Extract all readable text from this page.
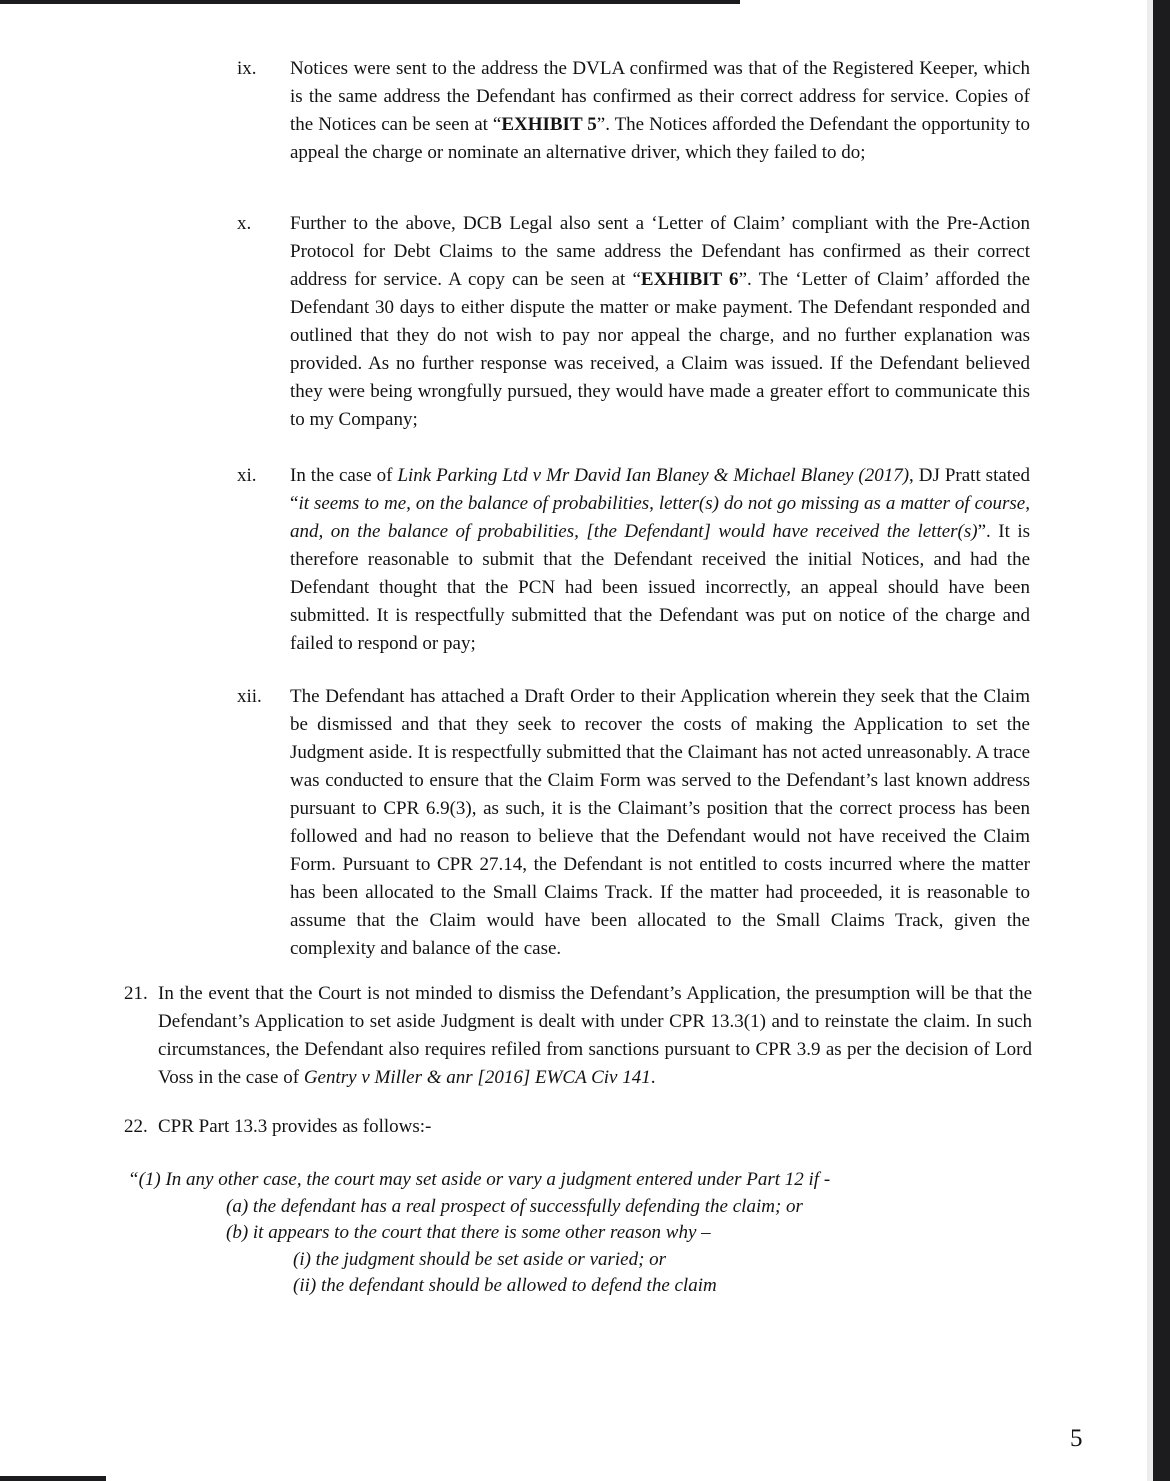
ix.	Notices were sent to the address the DVLA confirmed was that of the Registered Keeper, which is the same address the Defendant has confirmed as their correct address for service. Copies of the Notices can be seen at “EXHIBIT 5”. The Notices afforded the Defendant the opportunity to appeal the charge or nominate an alternative driver, which they failed to do;
x.	Further to the above, DCB Legal also sent a ‘Letter of Claim’ compliant with the Pre-Action Protocol for Debt Claims to the same address the Defendant has confirmed as their correct address for service. A copy can be seen at “EXHIBIT 6”. The ‘Letter of Claim’ afforded the Defendant 30 days to either dispute the matter or make payment. The Defendant responded and outlined that they do not wish to pay nor appeal the charge, and no further explanation was provided. As no further response was received, a Claim was issued. If the Defendant believed they were being wrongfully pursued, they would have made a greater effort to communicate this to my Company;
xi.	In the case of Link Parking Ltd v Mr David Ian Blaney & Michael Blaney (2017), DJ Pratt stated “it seems to me, on the balance of probabilities, letter(s) do not go missing as a matter of course, and, on the balance of probabilities, [the Defendant] would have received the letter(s)”. It is therefore reasonable to submit that the Defendant received the initial Notices, and had the Defendant thought that the PCN had been issued incorrectly, an appeal should have been submitted. It is respectfully submitted that the Defendant was put on notice of the charge and failed to respond or pay;
xii.	The Defendant has attached a Draft Order to their Application wherein they seek that the Claim be dismissed and that they seek to recover the costs of making the Application to set the Judgment aside. It is respectfully submitted that the Claimant has not acted unreasonably. A trace was conducted to ensure that the Claim Form was served to the Defendant’s last known address pursuant to CPR 6.9(3), as such, it is the Claimant’s position that the correct process has been followed and had no reason to believe that the Defendant would not have received the Claim Form. Pursuant to CPR 27.14, the Defendant is not entitled to costs incurred where the matter has been allocated to the Small Claims Track. If the matter had proceeded, it is reasonable to assume that the Claim would have been allocated to the Small Claims Track, given the complexity and balance of the case.
21. In the event that the Court is not minded to dismiss the Defendant’s Application, the presumption will be that the Defendant’s Application to set aside Judgment is dealt with under CPR 13.3(1) and to reinstate the claim. In such circumstances, the Defendant also requires refiled from sanctions pursuant to CPR 3.9 as per the decision of Lord Voss in the case of Gentry v Miller & anr [2016] EWCA Civ 141.
22. CPR Part 13.3 provides as follows:-
“(1) In any other case, the court may set aside or vary a judgment entered under Part 12 if -
(a) the defendant has a real prospect of successfully defending the claim; or
(b) it appears to the court that there is some other reason why –
(i) the judgment should be set aside or varied; or
(ii) the defendant should be allowed to defend the claim
5
